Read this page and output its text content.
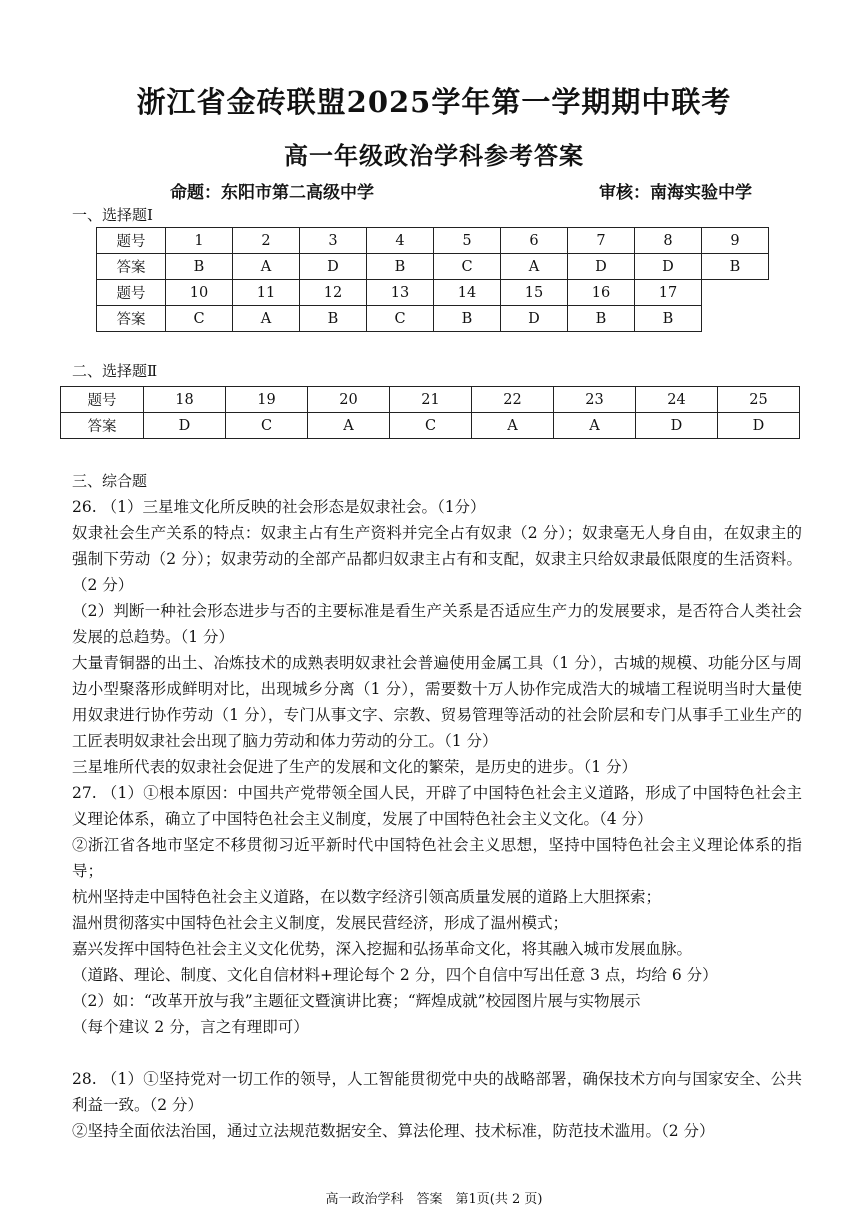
浙江省金砖联盟2025学年第一学期期中联考
高一年级政治学科参考答案
命题：东阳市第二高级中学	审核：南海实验中学
一、选择题Ⅰ
题号	1	2	3	4	5	6	7	8	9
答案	B	A	D	B	C	A	D	D	B
题号	10	11	12	13	14	15	16	17	
答案	C	A	B	C	B	D	B	B	
二、选择题Ⅱ
题号	18	19	20	21	22	23	24	25
答案	D	C	A	C	A	A	D	D
三、综合题

26. （1）三星堆文化所反映的社会形态是奴隶社会。（1分）

奴隶社会生产关系的特点：奴隶主占有生产资料并完全占有奴隶（2 分）；奴隶毫无人身自由，在奴隶主的强制下劳动（2 分）；奴隶劳动的全部产品都归奴隶主占有和支配，奴隶主只给奴隶最低限度的生活资料。（2 分）

（2）判断一种社会形态进步与否的主要标准是看生产关系是否适应生产力的发展要求，是否符合人类社会发展的总趋势。（1 分）

大量青铜器的出土、冶炼技术的成熟表明奴隶社会普遍使用金属工具（1 分），古城的规模、功能分区与周边小型聚落形成鲜明对比，出现城乡分离（1 分），需要数十万人协作完成浩大的城墙工程说明当时大量使用奴隶进行协作劳动（1 分），专门从事文字、宗教、贸易管理等活动的社会阶层和专门从事手工业生产的工匠表明奴隶社会出现了脑力劳动和体力劳动的分工。（1 分）

三星堆所代表的奴隶社会促进了生产的发展和文化的繁荣，是历史的进步。（1 分）

27. （1）①根本原因：中国共产党带领全国人民，开辟了中国特色社会主义道路，形成了中国特色社会主义理论体系，确立了中国特色社会主义制度，发展了中国特色社会主义文化。（4 分）

②浙江省各地市坚定不移贯彻习近平新时代中国特色社会主义思想，坚持中国特色社会主义理论体系的指导；

杭州坚持走中国特色社会主义道路，在以数字经济引领高质量发展的道路上大胆探索；

温州贯彻落实中国特色社会主义制度，发展民营经济，形成了温州模式；

嘉兴发挥中国特色社会主义文化优势，深入挖掘和弘扬革命文化，将其融入城市发展血脉。

（道路、理论、制度、文化自信材料+理论每个 2 分，四个自信中写出任意 3 点，均给 6 分）

（2）如：“改革开放与我”主题征文暨演讲比赛；“辉煌成就”校园图片展与实物展示

（每个建议 2 分，言之有理即可）

28. （1）①坚持党对一切工作的领导，人工智能贯彻党中央的战略部署，确保技术方向与国家安全、公共利益一致。（2 分）

②坚持全面依法治国，通过立法规范数据安全、算法伦理、技术标准，防范技术滥用。（2 分）

高一政治学科　答案　第1页(共 2 页)
